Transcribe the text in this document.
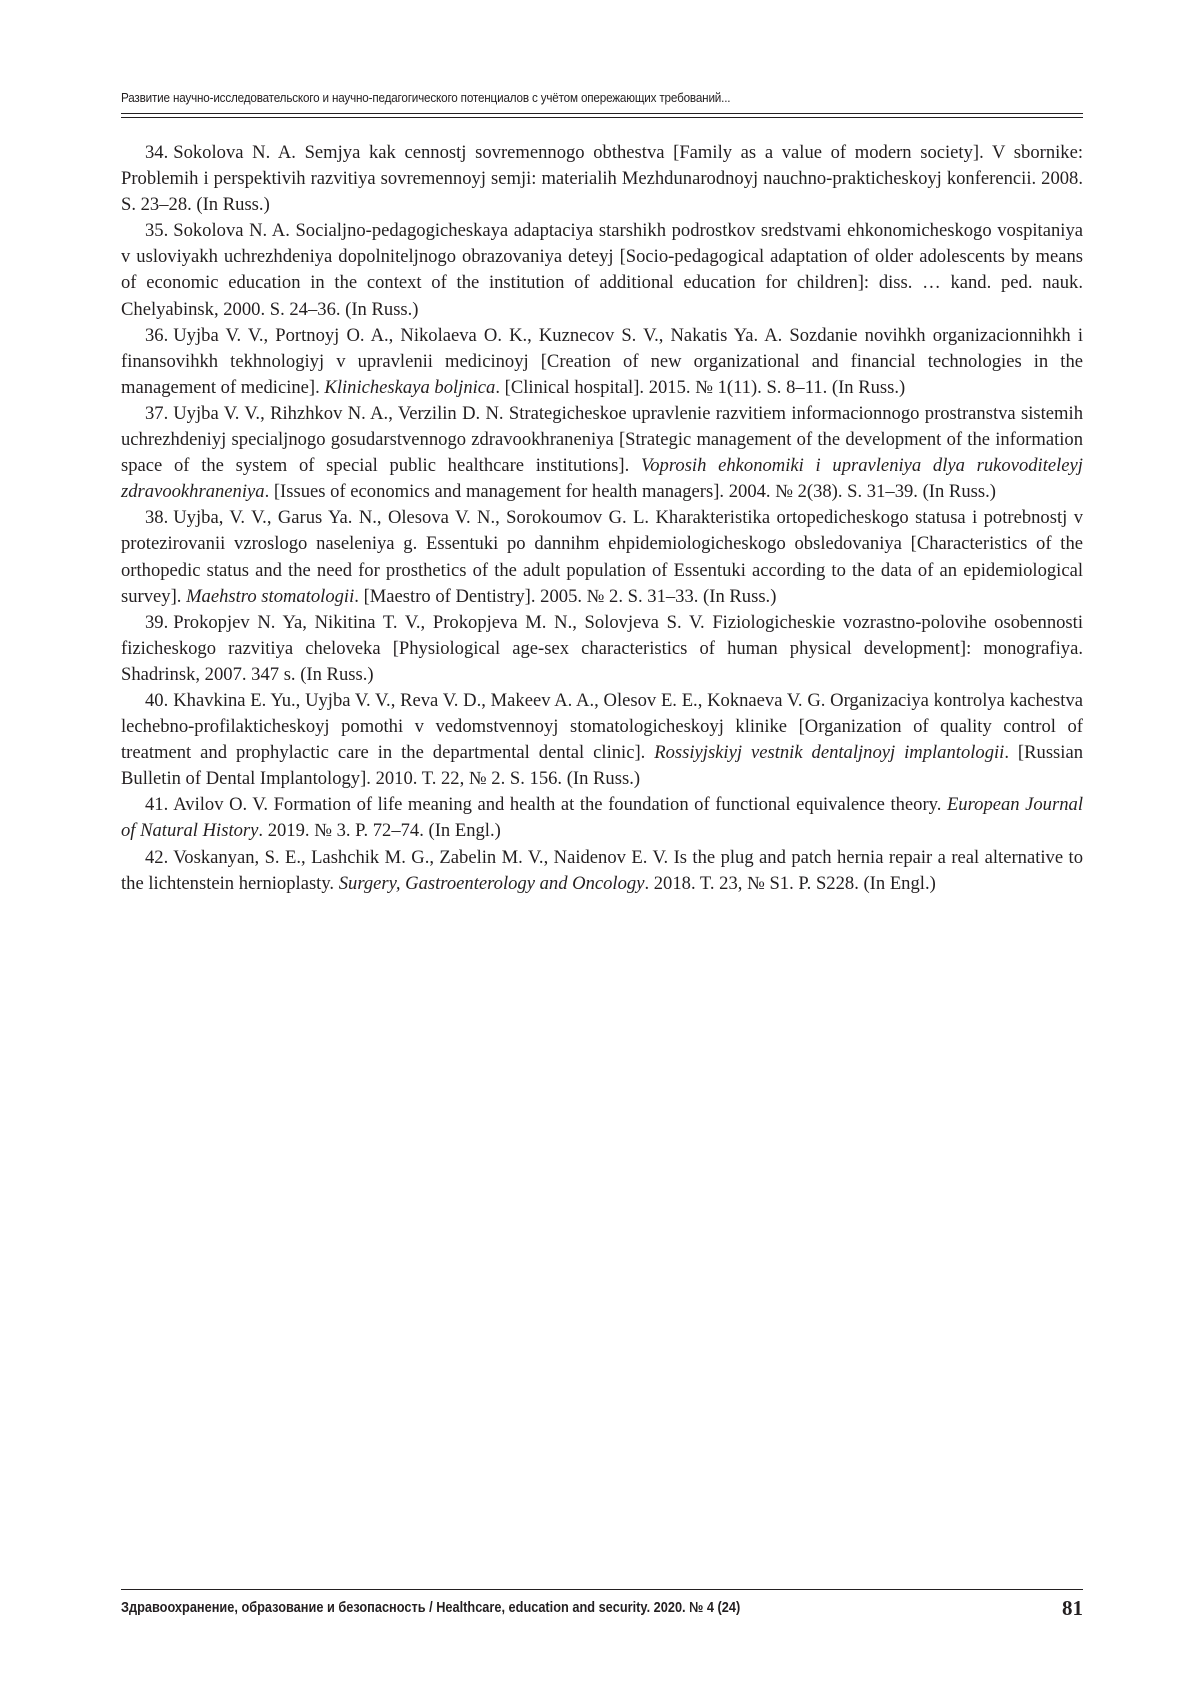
Развитие научно-исследовательского и научно-педагогического потенциалов с учётом опережающих требований...

34. Sokolova N. A. Semjya kak cennostj sovremennogo obthestva [Family as a value of modern society]. V sbornike: Problemih i perspektivih razvitiya sovremennoyj semji: materialih Mezhdunarodnoyj nauchno-prakticheskoyj konferencii. 2008. S. 23–28. (In Russ.)

35. Sokolova N. A. Socialjno-pedagogicheskaya adaptaciya starshikh podrostkov sredstvami ehkonomicheskogo vospitaniya v usloviyakh uchrezhdeniya dopolniteljnogo obrazovaniya deteyj [Socio-pedagogical adaptation of older adolescents by means of economic education in the context of the institution of additional education for children]: diss. … kand. ped. nauk. Chelyabinsk, 2000. S. 24–36. (In Russ.)

36. Uyjba V. V., Portnoyj O. A., Nikolaeva O. K., Kuznecov S. V., Nakatis Ya. A. Sozdanie novihkh organizacionnihkh i finansovihkh tekhnologiyj v upravlenii medicinoyj [Creation of new organizational and financial technologies in the management of medicine]. Klinicheskaya boljnica. [Clinical hospital]. 2015. № 1(11). S. 8–11. (In Russ.)

37. Uyjba V. V., Rihzhkov N. A., Verzilin D. N. Strategicheskoe upravlenie razvitiem informacionnogo prostranstva sistemih uchrezhdeniyj specialjnogo gosudarstvennogo zdravookhraneniya [Strategic management of the development of the information space of the system of special public healthcare institutions]. Voprosih ehkonomiki i upravleniya dlya rukovoditeleyj zdravookhraneniya. [Issues of economics and management for health managers]. 2004. № 2(38). S. 31–39. (In Russ.)

38. Uyjba, V. V., Garus Ya. N., Olesova V. N., Sorokoumov G. L. Kharakteristika ortopedicheskogo statusa i potrebnostj v protezirovanii vzroslogo naseleniya g. Essentuki po dannihm ehpidemiologicheskogo obsledovaniya [Characteristics of the orthopedic status and the need for prosthetics of the adult population of Essentuki according to the data of an epidemiological survey]. Maehstro stomatologii. [Maestro of Dentistry]. 2005. № 2. S. 31–33. (In Russ.)

39. Prokopjev N. Ya, Nikitina T. V., Prokopjeva M. N., Solovjeva S. V. Fiziologicheskie vozrastno-polovihe osobennosti fizicheskogo razvitiya cheloveka [Physiological age-sex characteristics of human physical development]: monografiya. Shadrinsk, 2007. 347 s. (In Russ.)

40. Khavkina E. Yu., Uyjba V. V., Reva V. D., Makeev A. A., Olesov E. E., Koknaeva V. G. Organizaciya kontrolya kachestva lechebno-profilakticheskoyj pomothi v vedomstvennoyj stomatologicheskoyj klinike [Organization of quality control of treatment and prophylactic care in the departmental dental clinic]. Rossiyjskiyj vestnik dentaljnoyj implantologii. [Russian Bulletin of Dental Implantology]. 2010. T. 22, № 2. S. 156. (In Russ.)

41. Avilov O. V. Formation of life meaning and health at the foundation of functional equivalence theory. European Journal of Natural History. 2019. № 3. P. 72–74. (In Engl.)

42. Voskanyan, S. E., Lashchik M. G., Zabelin M. V., Naidenov E. V. Is the plug and patch hernia repair a real alternative to the lichtenstein hernioplasty. Surgery, Gastroenterology and Oncology. 2018. T. 23, № S1. P. S228. (In Engl.)

Здравоохранение, образование и безопасность / Healthcare, education and security. 2020. № 4 (24)	81
